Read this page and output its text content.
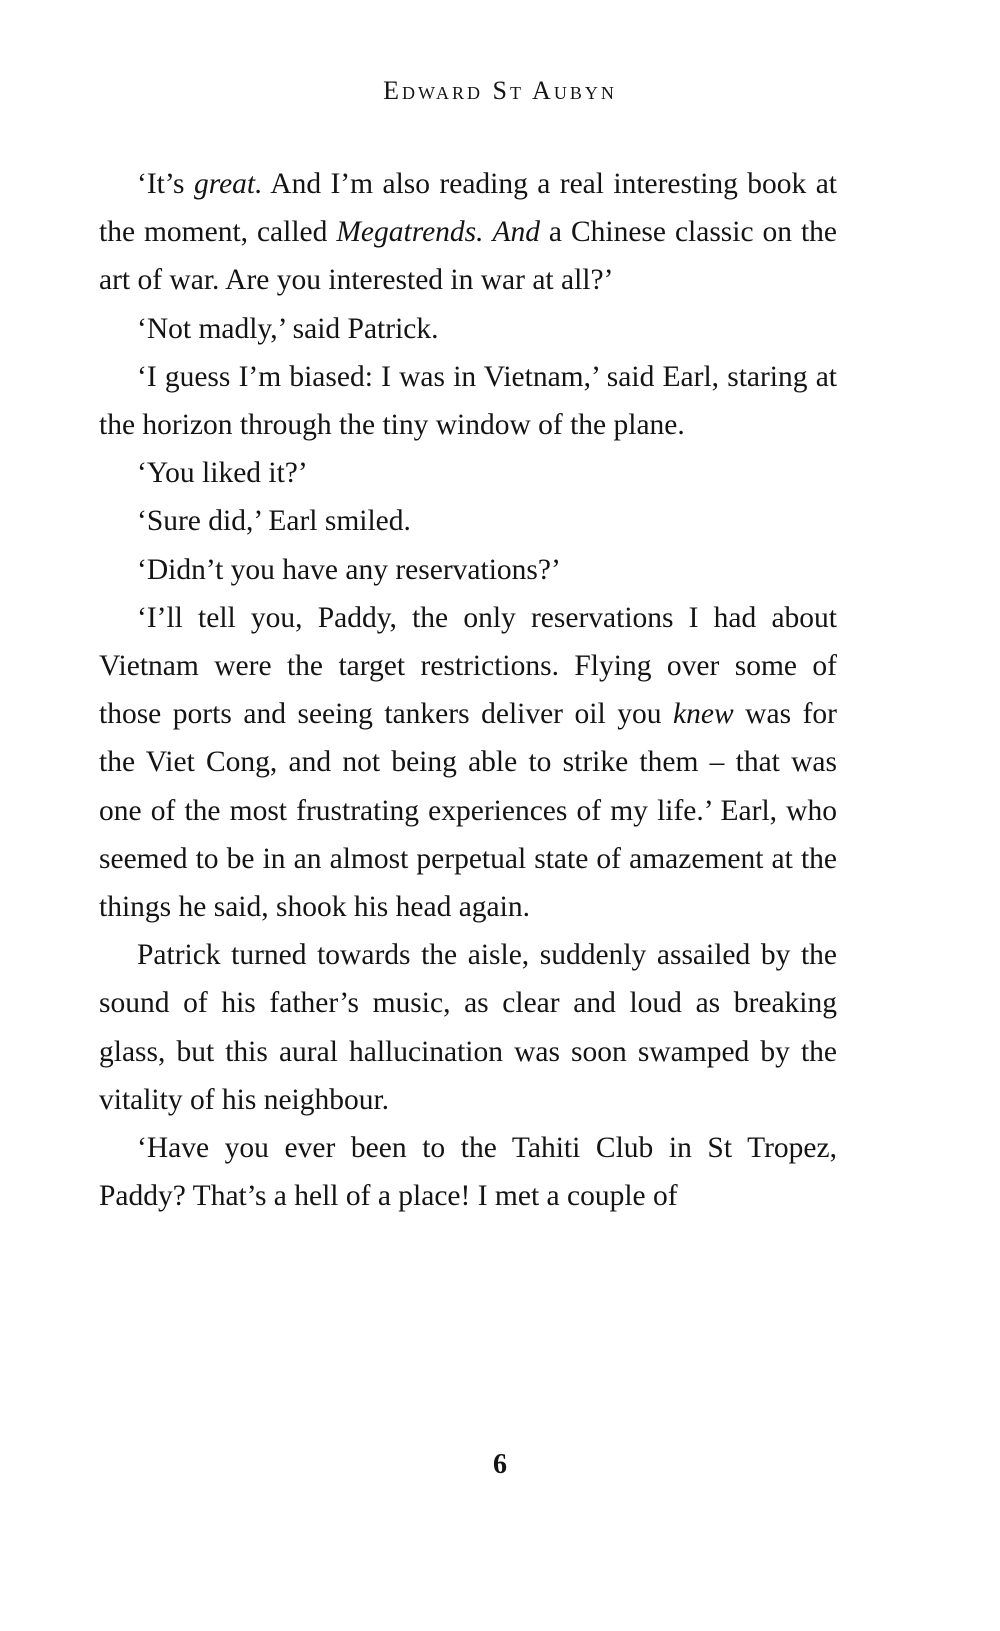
Edward St Aubyn

‘It’s great. And I’m also reading a real interesting book at the moment, called Megatrends. And a Chinese classic on the art of war. Are you interested in war at all?’

‘Not madly,’ said Patrick.

‘I guess I’m biased: I was in Vietnam,’ said Earl, staring at the horizon through the tiny window of the plane.

‘You liked it?’

‘Sure did,’ Earl smiled.

‘Didn’t you have any reservations?’

‘I’ll tell you, Paddy, the only reservations I had about Vietnam were the target restrictions. Flying over some of those ports and seeing tankers deliver oil you knew was for the Viet Cong, and not being able to strike them – that was one of the most frustrating experiences of my life.’ Earl, who seemed to be in an almost perpetual state of amazement at the things he said, shook his head again.

Patrick turned towards the aisle, suddenly assailed by the sound of his father’s music, as clear and loud as breaking glass, but this aural hallucination was soon swamped by the vitality of his neighbour.

‘Have you ever been to the Tahiti Club in St Tropez, Paddy? That’s a hell of a place! I met a couple of

6
